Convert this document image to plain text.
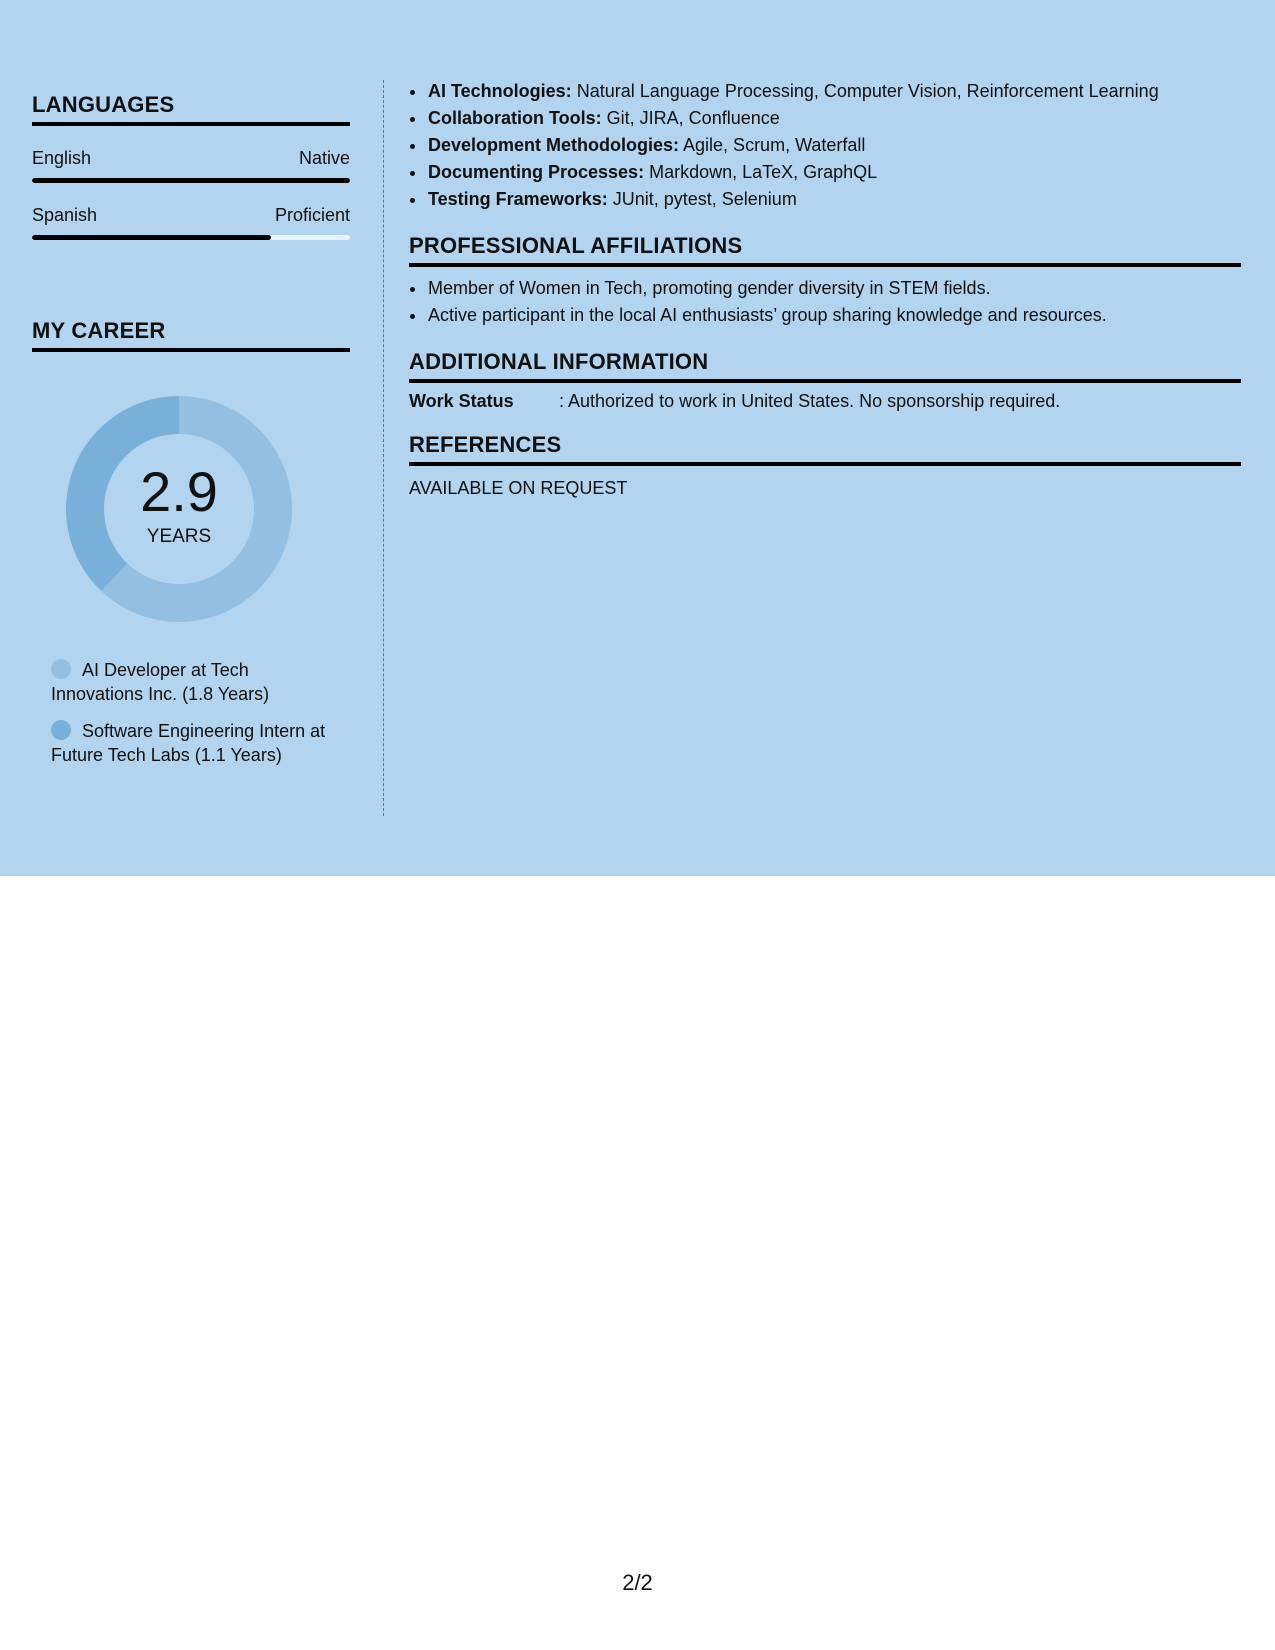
LANGUAGES
English	Native
Spanish	Proficient
MY CAREER
2.9
YEARS
AI Developer at Tech Innovations Inc. (1.8 Years)
Software Engineering Intern at Future Tech Labs (1.1 Years)
• AI Technologies: Natural Language Processing, Computer Vision, Reinforcement Learning
• Collaboration Tools: Git, JIRA, Confluence
• Development Methodologies: Agile, Scrum, Waterfall
• Documenting Processes: Markdown, LaTeX, GraphQL
• Testing Frameworks: JUnit, pytest, Selenium
PROFESSIONAL AFFILIATIONS
• Member of Women in Tech, promoting gender diversity in STEM fields.
• Active participant in the local AI enthusiasts’ group sharing knowledge and resources.
ADDITIONAL INFORMATION
Work Status	: Authorized to work in United States. No sponsorship required.
REFERENCES
AVAILABLE ON REQUEST
2/2
